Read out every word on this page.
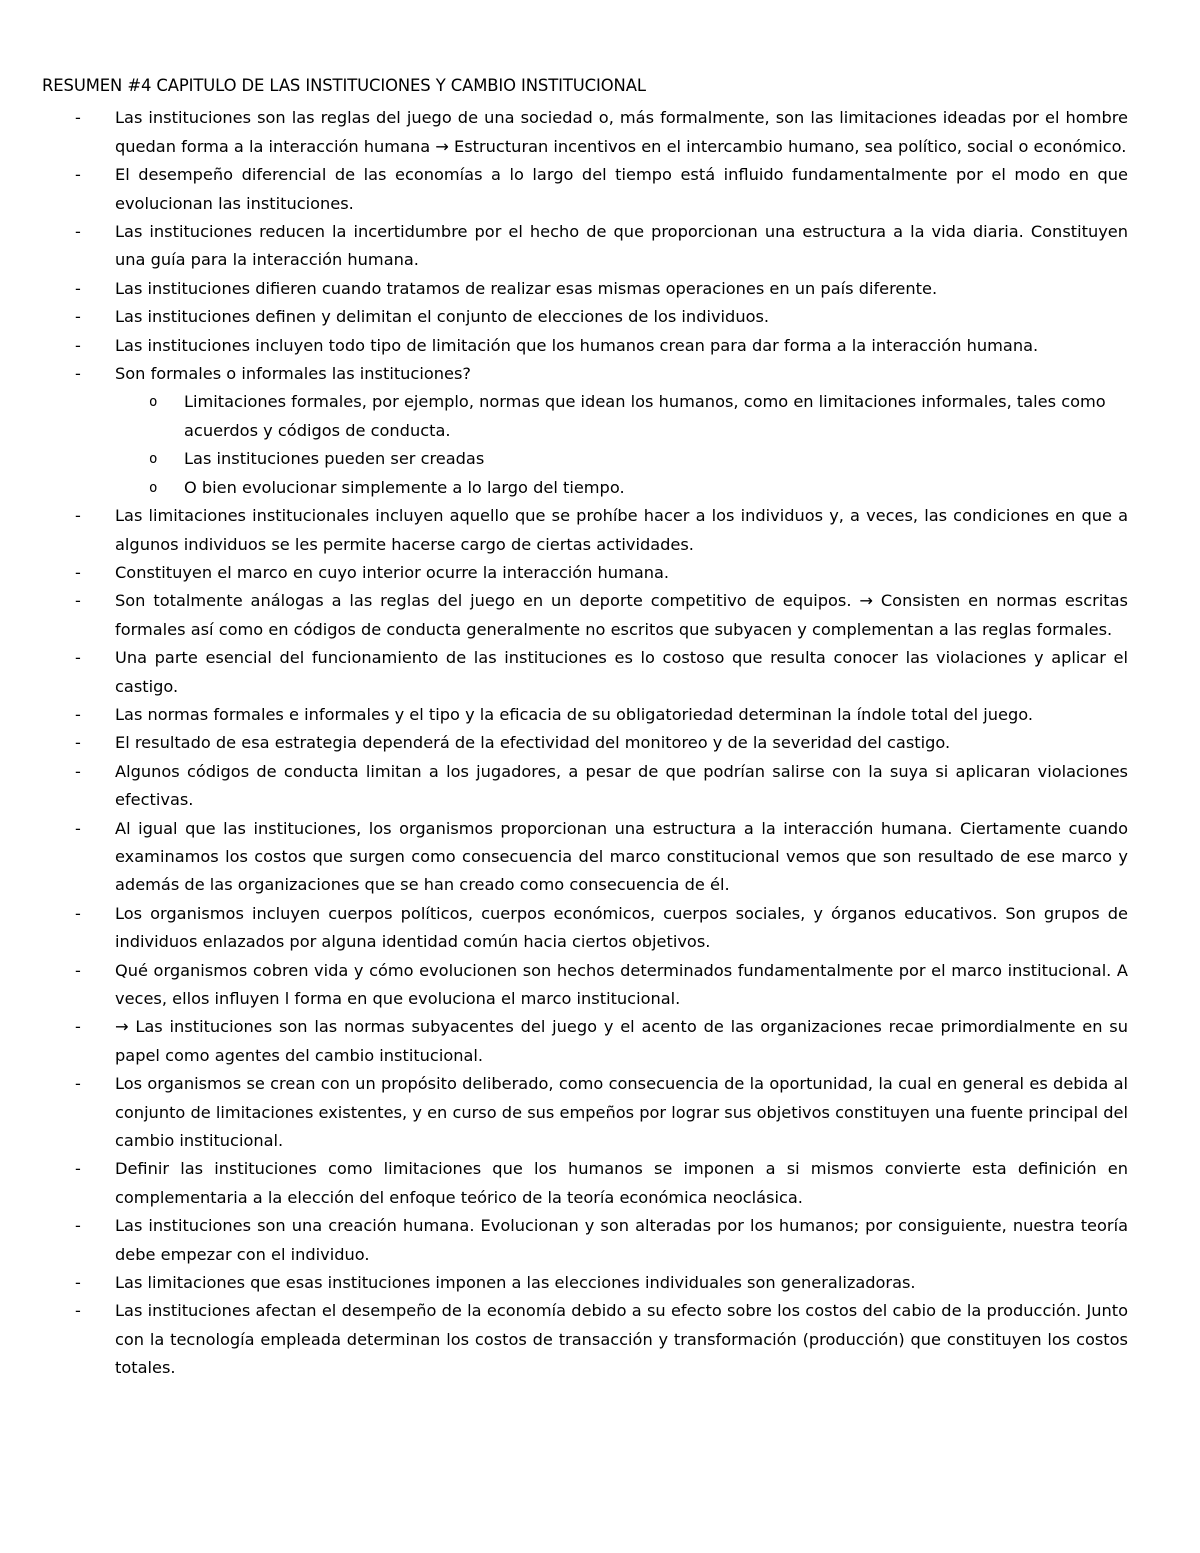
RESUMEN #4 CAPITULO DE LAS INSTITUCIONES Y CAMBIO INSTITUCIONAL
- Las instituciones son las reglas del juego de una sociedad o, más formalmente, son las limitaciones ideadas por el hombre quedan forma a la interacción humana → Estructuran incentivos en el intercambio humano, sea político, social o económico.
- El desempeño diferencial de las economías a lo largo del tiempo está influido fundamentalmente por el modo en que evolucionan las instituciones.
- Las instituciones reducen la incertidumbre por el hecho de que proporcionan una estructura a la vida diaria. Constituyen una guía para la interacción humana.
- Las instituciones difieren cuando tratamos de realizar esas mismas operaciones en un país diferente.
- Las instituciones definen y delimitan el conjunto de elecciones de los individuos.
- Las instituciones incluyen todo tipo de limitación que los humanos crean para dar forma a la interacción humana.
- Son formales o informales las instituciones?
o Limitaciones formales, por ejemplo, normas que idean los humanos, como en limitaciones informales, tales como acuerdos y códigos de conducta.
o Las instituciones pueden ser creadas
o O bien evolucionar simplemente a lo largo del tiempo.
- Las limitaciones institucionales incluyen aquello que se prohíbe hacer a los individuos y, a veces, las condiciones en que a algunos individuos se les permite hacerse cargo de ciertas actividades.
- Constituyen el marco en cuyo interior ocurre la interacción humana.
- Son totalmente análogas a las reglas del juego en un deporte competitivo de equipos. → Consisten en normas escritas formales así como en códigos de conducta generalmente no escritos que subyacen y complementan a las reglas formales.
- Una parte esencial del funcionamiento de las instituciones es lo costoso que resulta conocer las violaciones y aplicar el castigo.
- Las normas formales e informales y el tipo y la eficacia de su obligatoriedad determinan la índole total del juego.
- El resultado de esa estrategia dependerá de la efectividad del monitoreo y de la severidad del castigo.
- Algunos códigos de conducta limitan a los jugadores, a pesar de que podrían salirse con la suya si aplicaran violaciones efectivas.
- Al igual que las instituciones, los organismos proporcionan una estructura a la interacción humana. Ciertamente cuando examinamos los costos que surgen como consecuencia del marco constitucional vemos que son resultado de ese marco y además de las organizaciones que se han creado como consecuencia de él.
- Los organismos incluyen cuerpos políticos, cuerpos económicos, cuerpos sociales, y órganos educativos. Son grupos de individuos enlazados por alguna identidad común hacia ciertos objetivos.
- Qué organismos cobren vida y cómo evolucionen son hechos determinados fundamentalmente por el marco institucional. A veces, ellos influyen l forma en que evoluciona el marco institucional.
- → Las instituciones son las normas subyacentes del juego y el acento de las organizaciones recae primordialmente en su papel como agentes del cambio institucional.
- Los organismos se crean con un propósito deliberado, como consecuencia de la oportunidad, la cual en general es debida al conjunto de limitaciones existentes, y en curso de sus empeños por lograr sus objetivos constituyen una fuente principal del cambio institucional.
- Definir las instituciones como limitaciones que los humanos se imponen a si mismos convierte esta definición en complementaria a la elección del enfoque teórico de la teoría económica neoclásica.
- Las instituciones son una creación humana. Evolucionan y son alteradas por los humanos; por consiguiente, nuestra teoría debe empezar con el individuo.
- Las limitaciones que esas instituciones imponen a las elecciones individuales son generalizadoras.
- Las instituciones afectan el desempeño de la economía debido a su efecto sobre los costos del cabio de la producción. Junto con la tecnología empleada determinan los costos de transacción y transformación (producción) que constituyen los costos totales.
